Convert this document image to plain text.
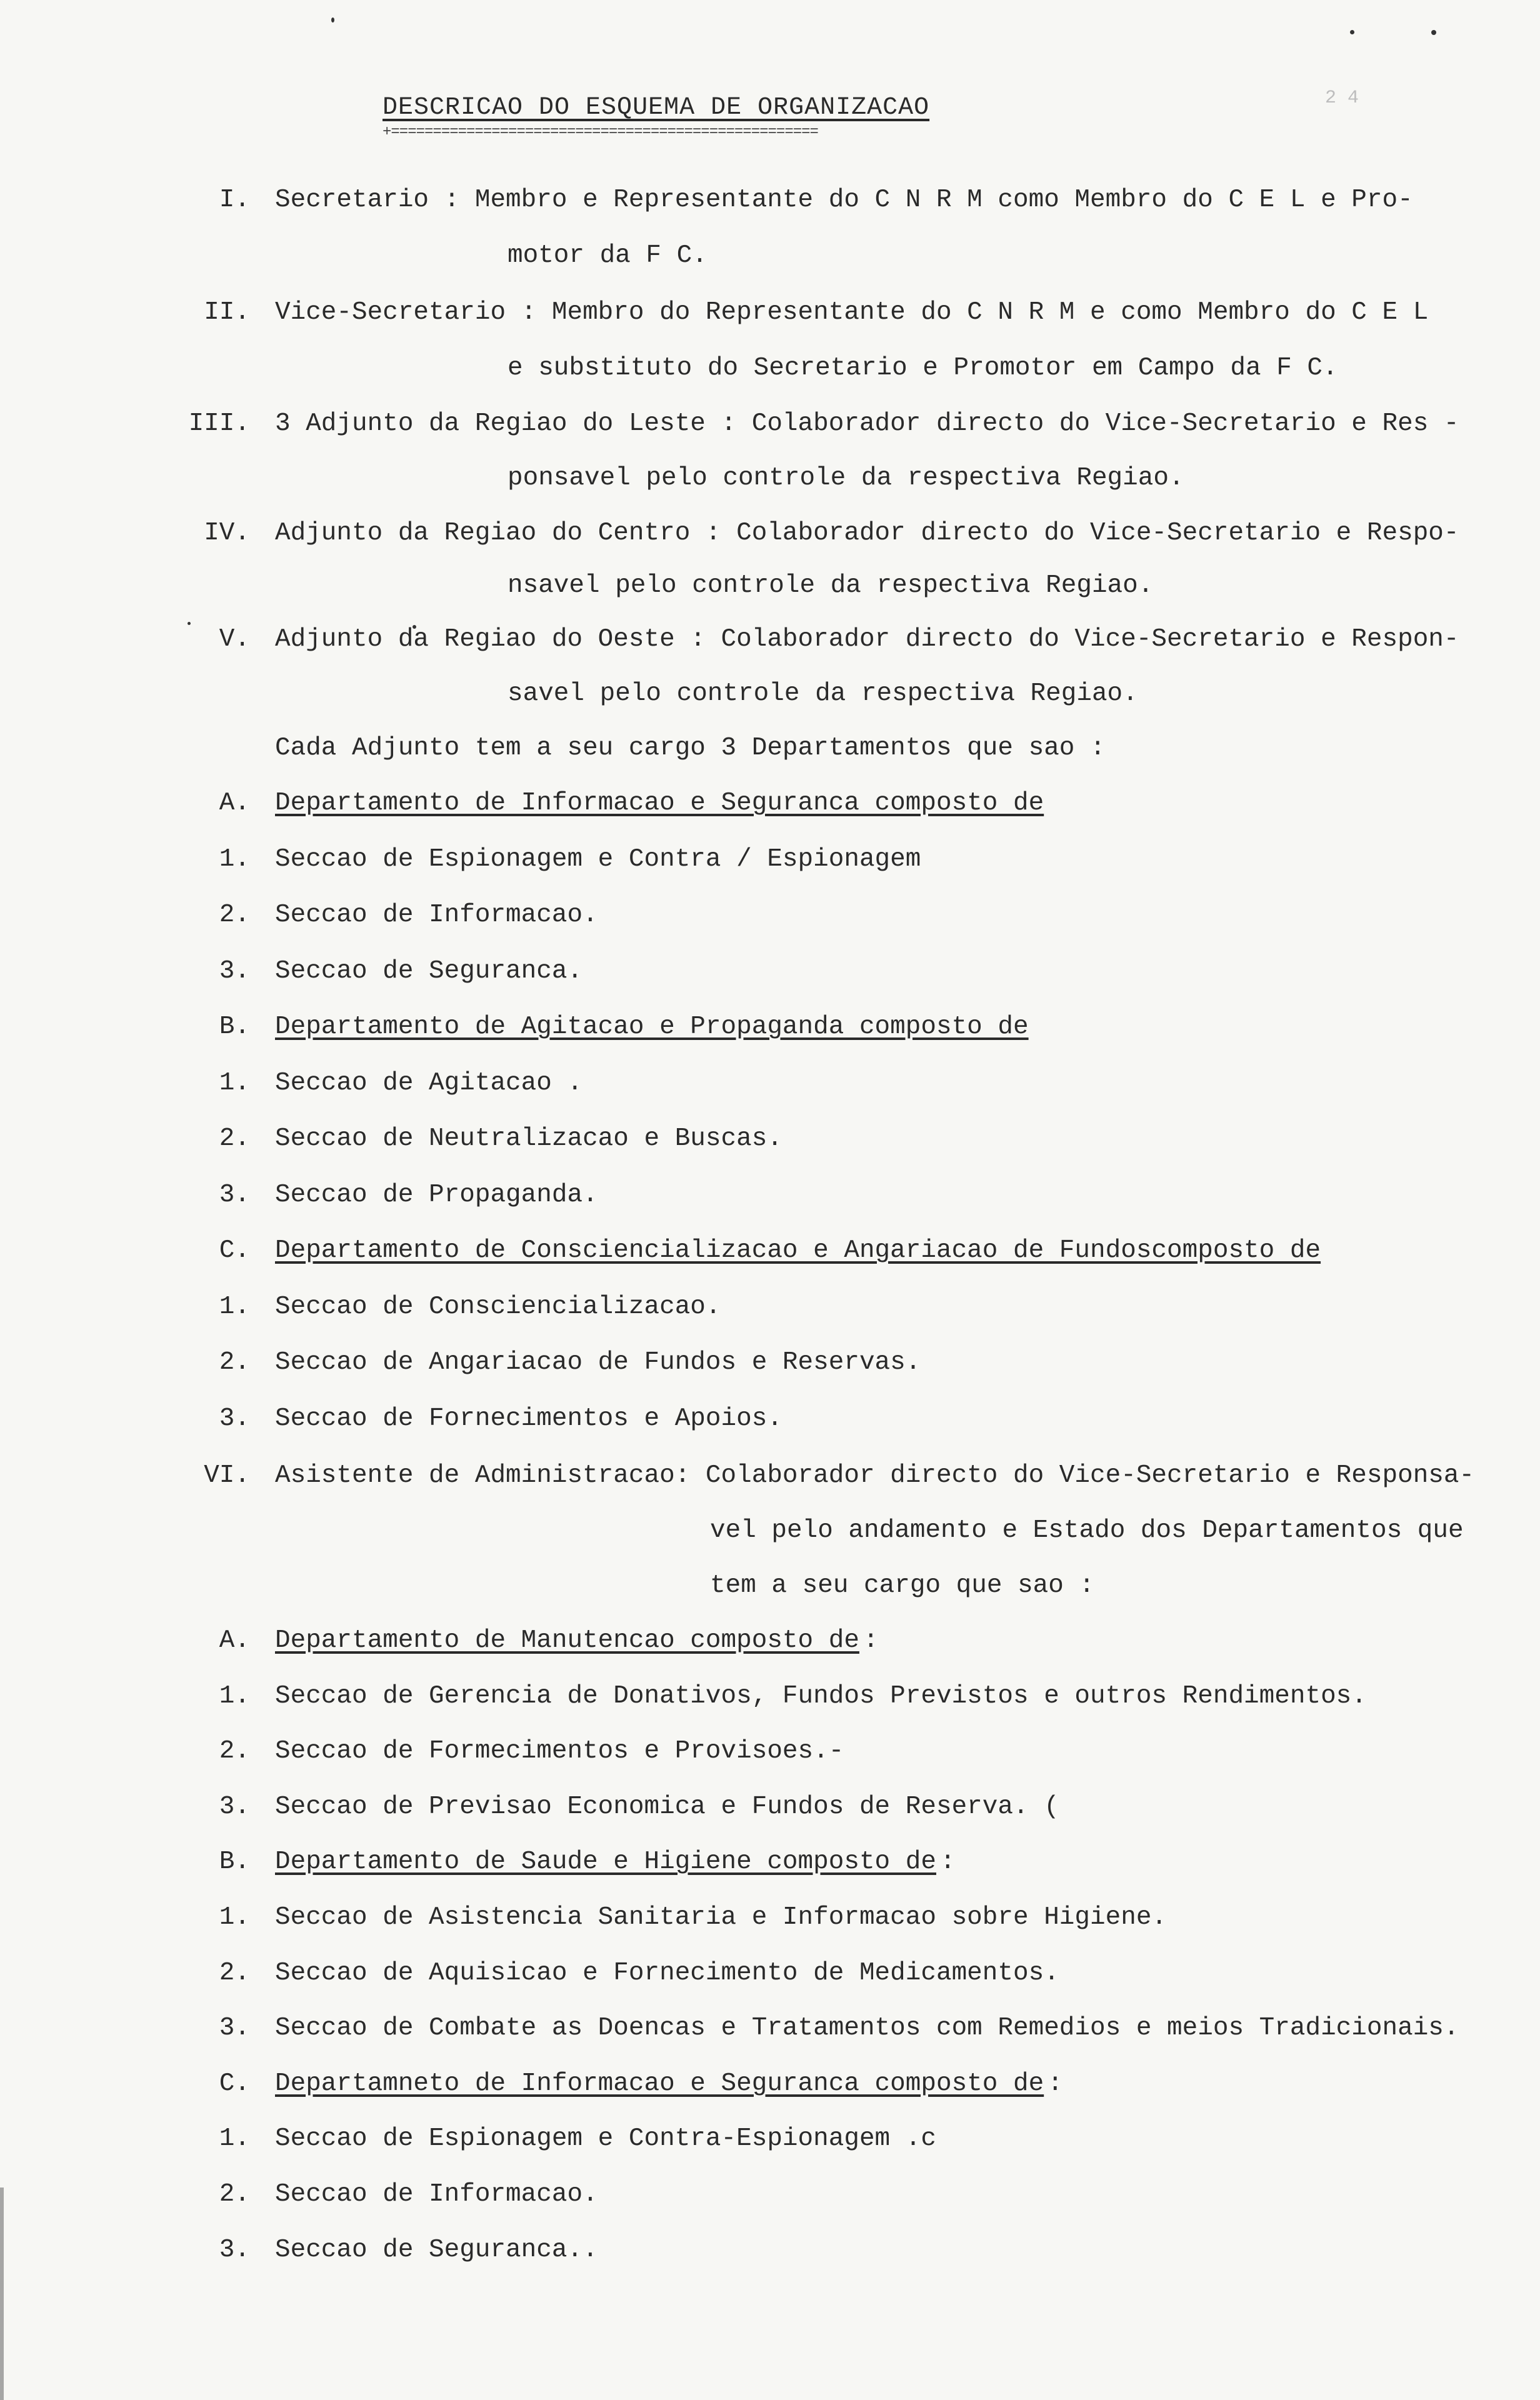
2 4
DESCRICAO DO ESQUEMA DE ORGANIZACAO
+===================================================
I. Secretario : Membro e Representante do C N R M como Membro do C E L e Pro-
motor da F C.
II. Vice-Secretario : Membro do Representante do C N R M e como Membro do C E L
e substituto do Secretario e Promotor em Campo da F C.
III. 3 Adjunto da Regiao do Leste : Colaborador directo do Vice-Secretario e Res -
ponsavel pelo controle da respectiva Regiao.
IV. Adjunto da Regiao do Centro : Colaborador directo do Vice-Secretario e Respo-
nsavel pelo controle da respectiva Regiao.
V. Adjunto da Regiao do Oeste : Colaborador directo do Vice-Secretario e Respon-
savel pelo controle da respectiva Regiao.
Cada Adjunto tem a seu cargo 3 Departamentos que sao :
A. Departamento de Informacao e Seguranca composto de
1. Seccao de Espionagem e Contra / Espionagem
2. Seccao de Informacao.
3. Seccao de Seguranca.
B. Departamento de Agitacao e Propaganda composto de
1. Seccao de Agitacao .
2. Seccao de Neutralizacao e Buscas.
3. Seccao de Propaganda.
C. Departamento de Consciencializacao e Angariacao de Fundoscomposto de
1. Seccao de Consciencializacao.
2. Seccao de Angariacao de Fundos e Reservas.
3. Seccao de Fornecimentos e Apoios.
A. Departamento de Manutencao composto de :
1. Seccao de Gerencia de Donativos, Fundos Previstos e outros Rendimentos.
2. Seccao de Formecimentos e Provisoes.-
3. Seccao de Previsao Economica e Fundos de Reserva. (
B. Departamento de Saude e Higiene composto de :
1. Seccao de Asistencia Sanitaria e Informacao sobre Higiene.
2. Seccao de Aquisicao e Fornecimento de Medicamentos.
3. Seccao de Combate as Doencas e Tratamentos com Remedios e meios Tradicionais.
C. Departamneto de Informacao e Seguranca composto de :
1. Seccao de Espionagem e Contra-Espionagem .c
2. Seccao de Informacao.
3. Seccao de Seguranca..
VI. Asistente de Administracao: Colaborador directo do Vice-Secretario e Responsa-
vel pelo andamento e Estado dos Departamentos que
tem a seu cargo que sao :
